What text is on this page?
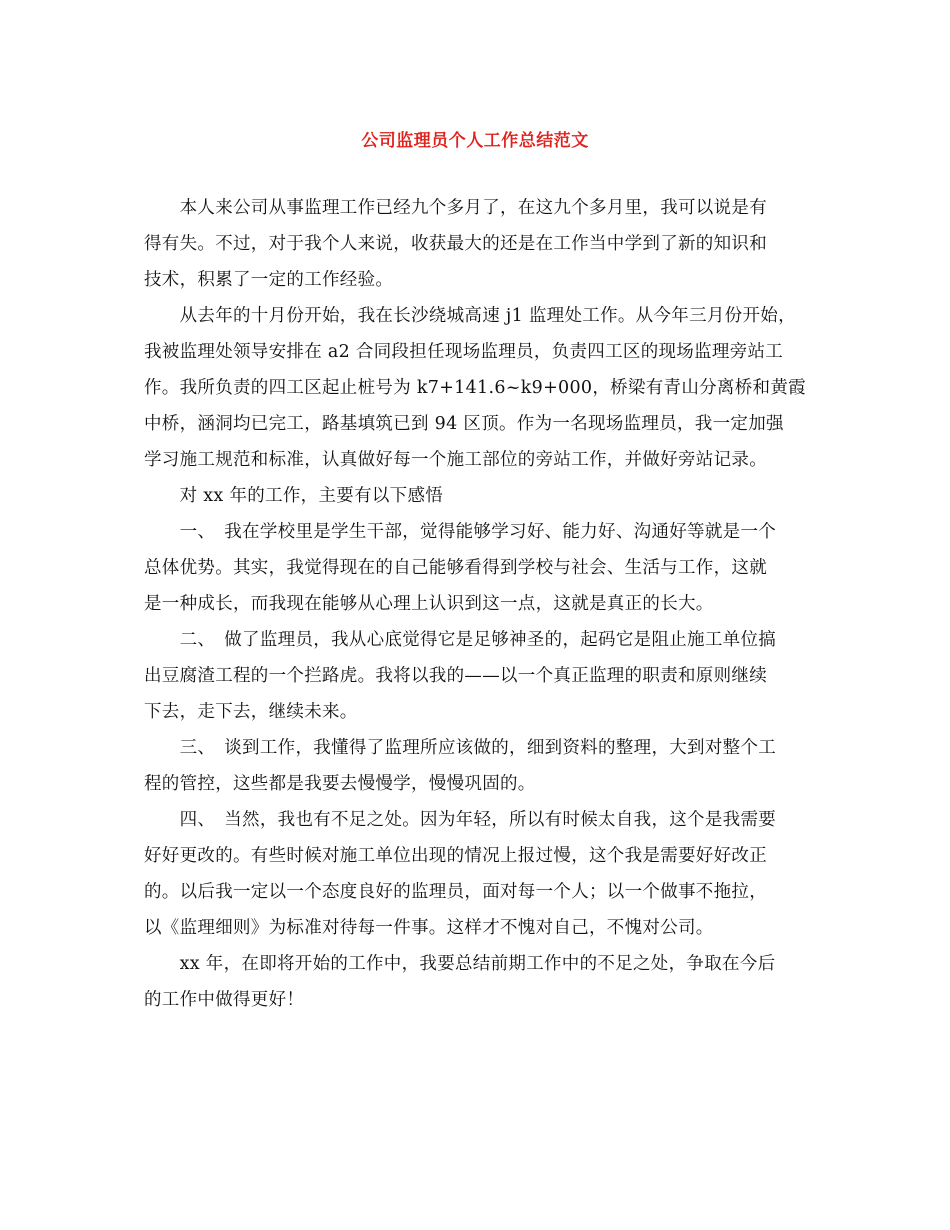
公司监理员个人工作总结范文
　　本人来公司从事监理工作已经九个多月了，在这九个多月里，我可以说是有
得有失。不过，对于我个人来说，收获最大的还是在工作当中学到了新的知识和
技术，积累了一定的工作经验。
　　从去年的十月份开始，我在长沙绕城高速 j1 监理处工作。从今年三月份开始，
我被监理处领导安排在 a2 合同段担任现场监理员，负责四工区的现场监理旁站工
作。我所负责的四工区起止桩号为 k7+141.6~k9+000，桥梁有青山分离桥和黄霞
中桥，涵洞均已完工，路基填筑已到 94 区顶。作为一名现场监理员，我一定加强
学习施工规范和标准，认真做好每一个施工部位的旁站工作，并做好旁站记录。
　　对 xx 年的工作，主要有以下感悟
　　一、　我在学校里是学生干部，觉得能够学习好、能力好、沟通好等就是一个
总体优势。其实，我觉得现在的自己能够看得到学校与社会、生活与工作，这就
是一种成长，而我现在能够从心理上认识到这一点，这就是真正的长大。
　　二、　做了监理员，我从心底觉得它是足够神圣的，起码它是阻止施工单位搞
出豆腐渣工程的一个拦路虎。我将以我的——以一个真正监理的职责和原则继续
下去，走下去，继续未来。
　　三、　谈到工作，我懂得了监理所应该做的，细到资料的整理，大到对整个工
程的管控，这些都是我要去慢慢学，慢慢巩固的。
　　四、　当然，我也有不足之处。因为年轻，所以有时候太自我，这个是我需要
好好更改的。有些时候对施工单位出现的情况上报过慢，这个我是需要好好改正
的。以后我一定以一个态度良好的监理员，面对每一个人；以一个做事不拖拉，
以《监理细则》为标准对待每一件事。这样才不愧对自己，不愧对公司。
　　xx 年，在即将开始的工作中，我要总结前期工作中的不足之处，争取在今后
的工作中做得更好！
